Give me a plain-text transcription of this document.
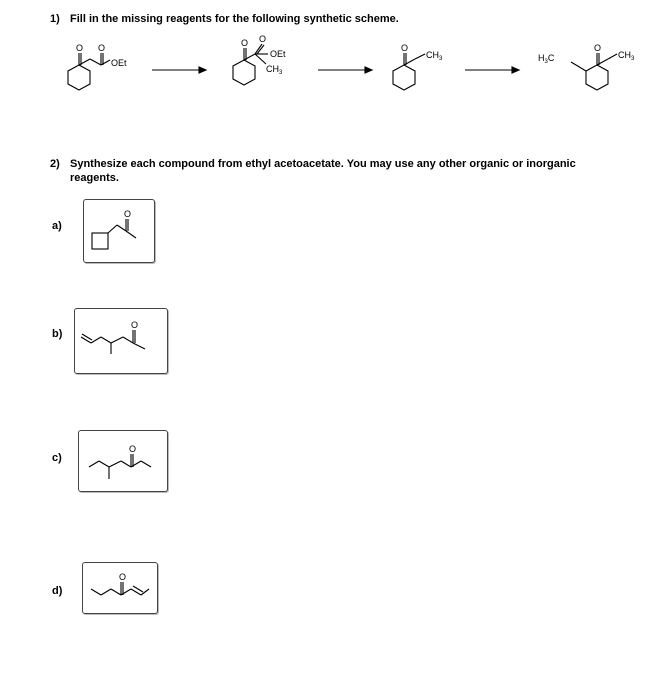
1) Fill in the missing reagents for the following synthetic scheme.
O O
OEt
O O
OEt
$CH_3$
O
$CH_3$
O
$CH_3$
$H_3C$
2) Synthesize each compound from ethyl acetoacetate. You may use any other organic or inorganic
reagents.
a)
O
b)
O
c)
O
d)
O
